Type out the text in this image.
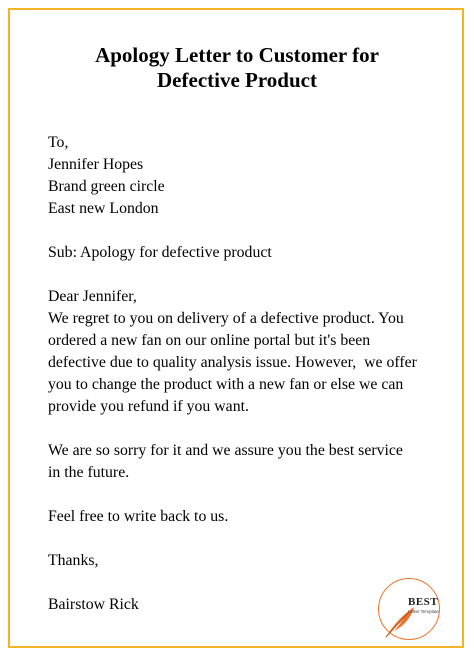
Apology Letter to Customer for
Defective Product
To,
Jennifer Hopes
Brand green circle
East new London
Sub: Apology for defective product
Dear Jennifer,
We regret to you on delivery of a defective product. You
ordered a new fan on our online portal but it's been
defective due to quality analysis issue. However,  we offer
you to change the product with a new fan or else we can
provide you refund if you want.
We are so sorry for it and we assure you the best service
in the future.
Feel free to write back to us.
Thanks,
Bairstow Rick	BEST
Letter Template
